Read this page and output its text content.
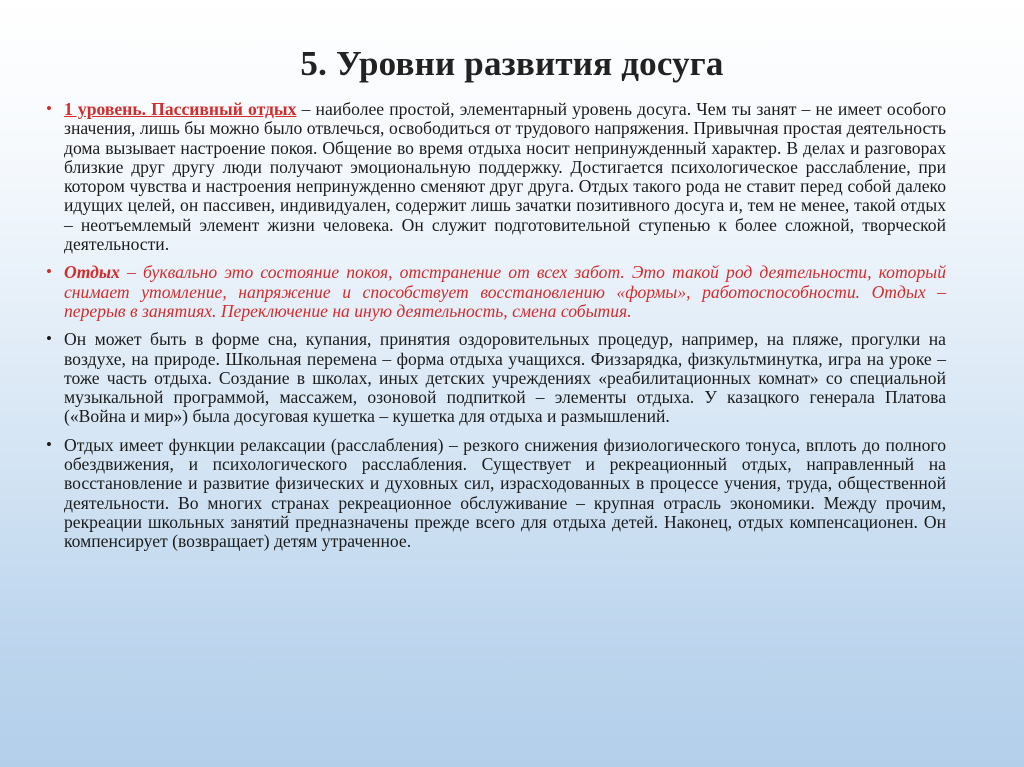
5. Уровни развития досуга
• 1 уровень. Пассивный отдых – наиболее простой, элементарный уровень досуга. Чем ты занят – не имеет особого значения, лишь бы можно было отвлечься, освободиться от трудового напряжения. Привычная простая деятельность дома вызывает настроение покоя. Общение во время отдыха носит непринужденный характер. В делах и разговорах близкие друг другу люди получают эмоциональную поддержку. Достигается психологическое расслабление, при котором чувства и настроения непринужденно сменяют друг друга. Отдых такого рода не ставит перед собой далеко идущих целей, он пассивен, индивидуален, содержит лишь зачатки позитивного досуга и, тем не менее, такой отдых – неотъемлемый элемент жизни человека. Он служит подготовительной ступенью к более сложной, творческой деятельности.
• Отдых – буквально это состояние покоя, отстранение от всех забот. Это такой род деятельности, который снимает утомление, напряжение и способствует восстановлению «формы», работоспособности. Отдых – перерыв в занятиях. Переключение на иную деятельность, смена события.
• Он может быть в форме сна, купания, принятия оздоровительных процедур, например, на пляже, прогулки на воздухе, на природе. Школьная перемена – форма отдыха учащихся. Физзарядка, физкультминутка, игра на уроке – тоже часть отдыха. Создание в школах, иных детских учреждениях «реабилитационных комнат» со специальной музыкальной программой, массажем, озоновой подпиткой – элементы отдыха. У казацкого генерала Платова («Война и мир») была досуговая кушетка – кушетка для отдыха и размышлений.
• Отдых имеет функции релаксации (расслабления) – резкого снижения физиологического тонуса, вплоть до полного обездвижения, и психологического расслабления. Существует и рекреационный отдых, направленный на восстановление и развитие физических и духовных сил, израсходованных в процессе учения, труда, общественной деятельности. Во многих странах рекреационное обслуживание – крупная отрасль экономики. Между прочим, рекреации школьных занятий предназначены прежде всего для отдыха детей. Наконец, отдых компенсационен. Он компенсирует (возвращает) детям утраченное.
